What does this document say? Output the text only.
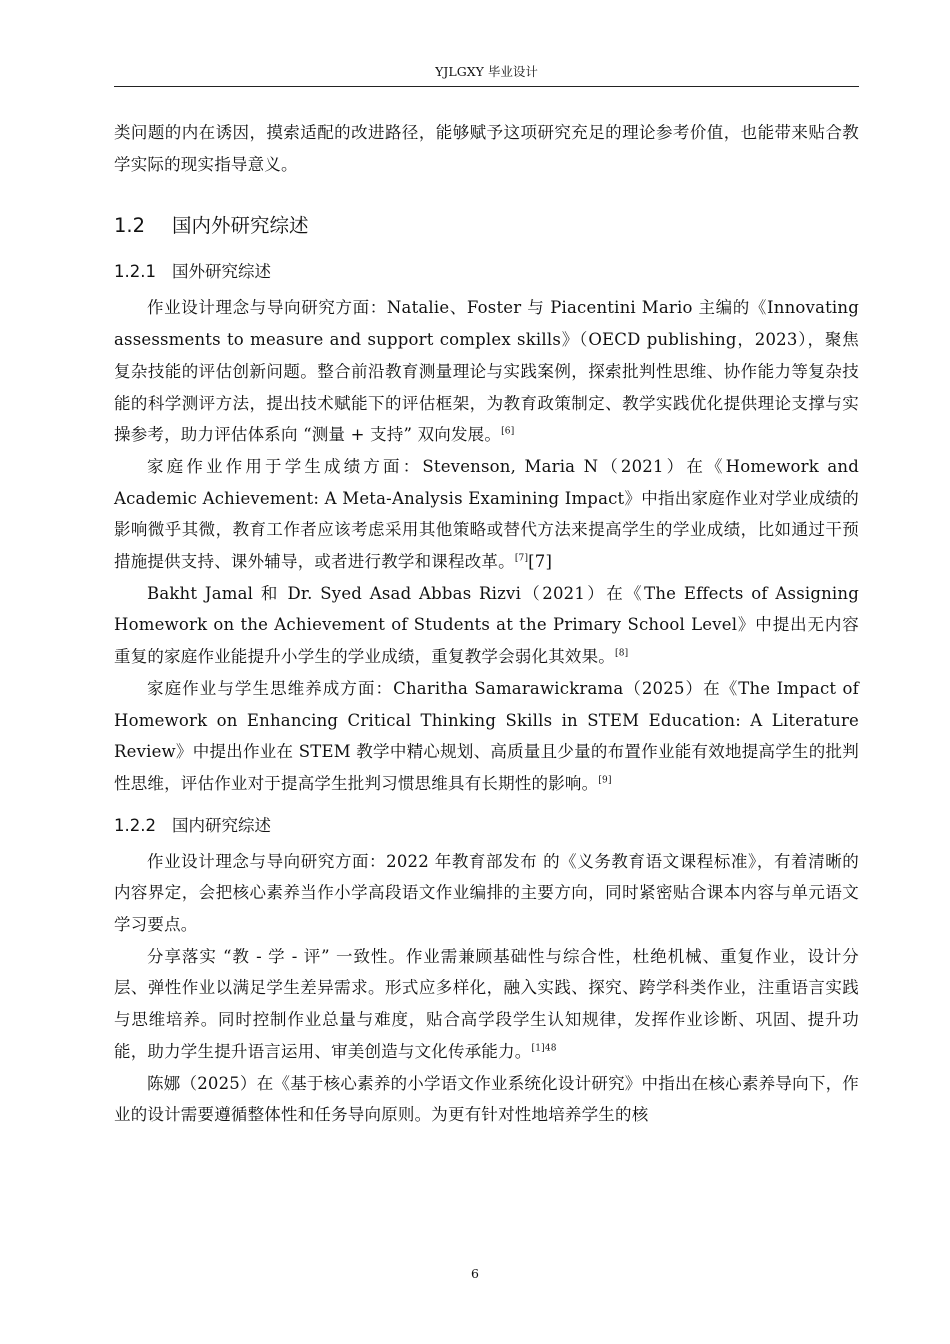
YJLGXY 毕业设计

类问题的内在诱因，摸索适配的改进路径，能够赋予这项研究充足的理论参考价值，也能带来贴合教学实际的现实指导意义。

1.2 国内外研究综述
1.2.1 国外研究综述

作业设计理念与导向研究方面：Natalie、Foster 与 Piacentini Mario 主编的《Innovating assessments to measure and support complex skills》（OECD publishing，2023），聚焦复杂技能的评估创新问题。整合前沿教育测量理论与实践案例，探索批判性思维、协作能力等复杂技能的科学测评方法，提出技术赋能下的评估框架，为教育政策制定、教学实践优化提供理论支撑与实操参考，助力评估体系向 “测量 + 支持” 双向发展。[6]

家庭作业作用于学生成绩方面：Stevenson, Maria N（2021）在《Homework and Academic Achievement: A Meta-Analysis Examining Impact》中指出家庭作业对学业成绩的影响微乎其微，教育工作者应该考虑采用其他策略或替代方法来提高学生的学业成绩，比如通过干预措施提供支持、课外辅导，或者进行教学和课程改革。[7][7]

Bakht Jamal 和 Dr. Syed Asad Abbas Rizvi（2021）在《The Effects of Assigning Homework on the Achievement of Students at the Primary School Level》中提出无内容重复的家庭作业能提升小学生的学业成绩，重复教学会弱化其效果。[8]

家庭作业与学生思维养成方面：Charitha Samarawickrama（2025）在《The Impact of Homework on Enhancing Critical Thinking Skills in STEM Education: A Literature Review》中提出作业在 STEM 教学中精心规划、高质量且少量的布置作业能有效地提高学生的批判性思维，评估作业对于提高学生批判习惯思维具有长期性的影响。[9]

1.2.2 国内研究综述

作业设计理念与导向研究方面：2022 年教育部发布 的《义务教育语文课程标准》，有着清晰的内容界定，会把核心素养当作小学高段语文作业编排的主要方向，同时紧密贴合课本内容与单元语文学习要点。

分享落实 “教 - 学 - 评” 一致性。作业需兼顾基础性与综合性，杜绝机械、重复作业，设计分层、弹性作业以满足学生差异需求。形式应多样化，融入实践、探究、跨学科类作业，注重语言实践与思维培养。同时控制作业总量与难度，贴合高学段学生认知规律，发挥作业诊断、巩固、提升功能，助力学生提升语言运用、审美创造与文化传承能力。$^{[1]48}$

陈娜（2025）在《基于核心素养的小学语文作业系统化设计研究》中指出在核心素养导向下，作业的设计需要遵循整体性和任务导向原则。为更有针对性地培养学生的核

6
